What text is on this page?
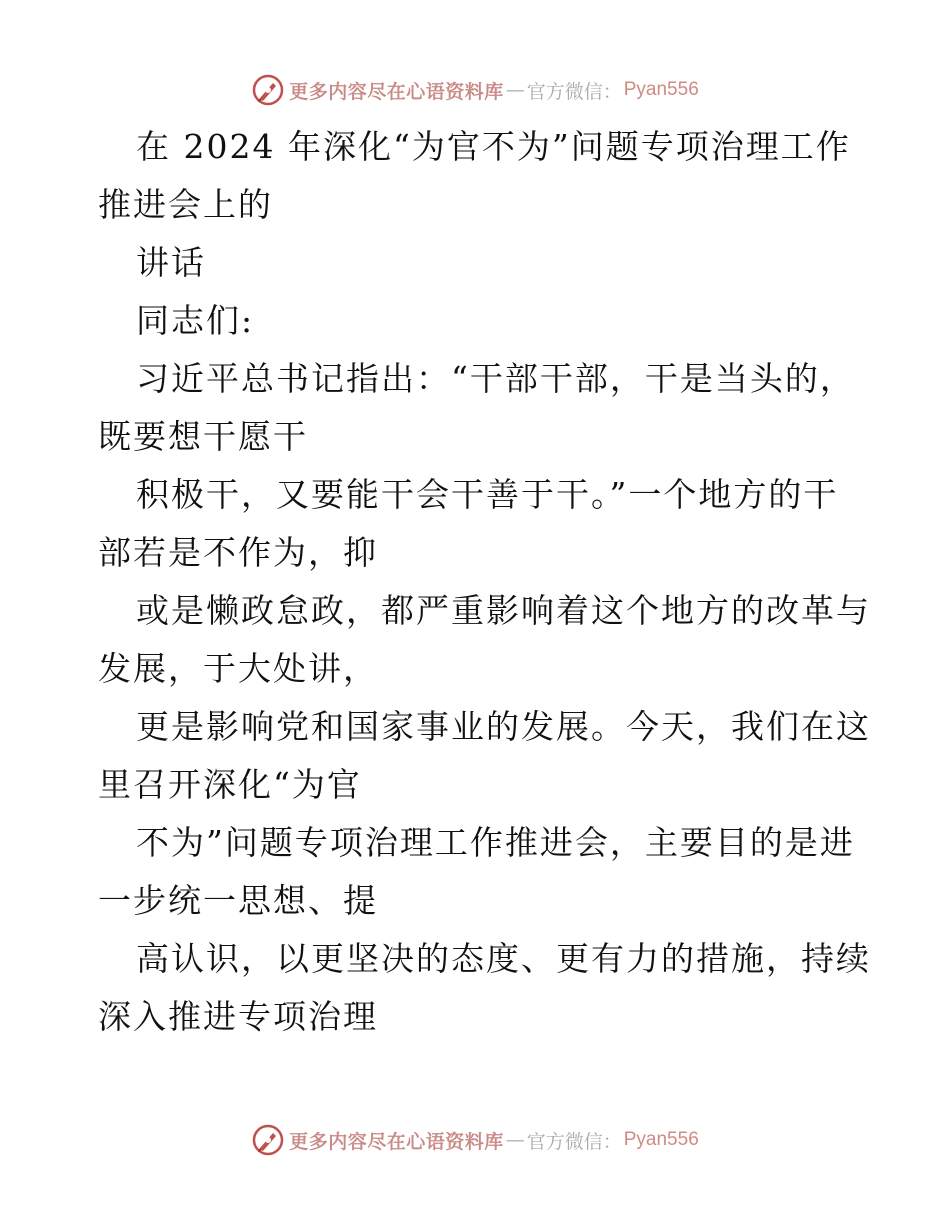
更多内容尽在心语资料库 — 官方微信： Pyan556
在 2024 年深化“为官不为”问题专项治理工作
推进会上的
讲话
同志们:
习近平总书记指出：“干部干部，干是当头的，
既要想干愿干
积极干，又要能干会干善于干。”一个地方的干
部若是不作为，抑
或是懒政怠政，都严重影响着这个地方的改革与
发展，于大处讲，
更是影响党和国家事业的发展。今天，我们在这
里召开深化“为官
不为”问题专项治理工作推进会，主要目的是进
一步统一思想、提
高认识，以更坚决的态度、更有力的措施，持续
深入推进专项治理
更多内容尽在心语资料库 — 官方微信： Pyan556
